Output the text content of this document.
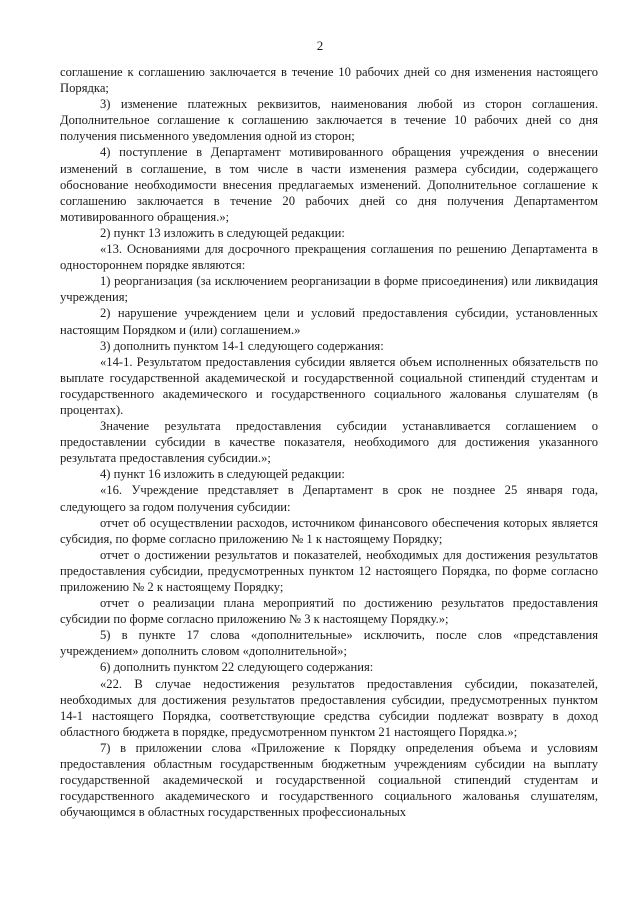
2

соглашение к соглашению заключается в течение 10 рабочих дней со дня изменения настоящего Порядка;

3) изменение платежных реквизитов, наименования любой из сторон соглашения. Дополнительное соглашение к соглашению заключается в течение 10 рабочих дней со дня получения письменного уведомления одной из сторон;

4) поступление в Департамент мотивированного обращения учреждения о внесении изменений в соглашение, в том числе в части изменения размера субсидии, содержащего обоснование необходимости внесения предлагаемых изменений. Дополнительное соглашение к соглашению заключается в течение 20 рабочих дней со дня получения Департаментом мотивированного обращения.»;

2) пункт 13 изложить в следующей редакции:

«13. Основаниями для досрочного прекращения соглашения по решению Департамента в одностороннем порядке являются:

1) реорганизация (за исключением реорганизации в форме присоединения) или ликвидация учреждения;

2) нарушение учреждением цели и условий предоставления субсидии, установленных настоящим Порядком и (или) соглашением.»

3) дополнить пунктом 14-1 следующего содержания:

«14-1. Результатом предоставления субсидии является объем исполненных обязательств по выплате государственной академической и государственной социальной стипендий студентам и государственного академического и государственного социального жалованья слушателям (в процентах).

Значение результата предоставления субсидии устанавливается соглашением о предоставлении субсидии в качестве показателя, необходимого для достижения указанного результата предоставления субсидии.»;

4) пункт 16 изложить в следующей редакции:

«16. Учреждение представляет в Департамент в срок не позднее 25 января года, следующего за годом получения субсидии:

отчет об осуществлении расходов, источником финансового обеспечения которых является субсидия, по форме согласно приложению № 1 к настоящему Порядку;

отчет о достижении результатов и показателей, необходимых для достижения результатов предоставления субсидии, предусмотренных пунктом 12 настоящего Порядка, по форме согласно приложению № 2 к настоящему Порядку;

отчет о реализации плана мероприятий по достижению результатов предоставления субсидии по форме согласно приложению № 3 к настоящему Порядку.»;

5) в пункте 17 слова «дополнительные» исключить, после слов «представления учреждением» дополнить словом «дополнительной»;

6) дополнить пунктом 22 следующего содержания:

«22. В случае недостижения результатов предоставления субсидии, показателей, необходимых для достижения результатов предоставления субсидии, предусмотренных пунктом 14-1 настоящего Порядка, соответствующие средства субсидии подлежат возврату в доход областного бюджета в порядке, предусмотренном пунктом 21 настоящего Порядка.»;

7) в приложении слова «Приложение к Порядку определения объема и условиям предоставления областным государственным бюджетным учреждениям субсидии на выплату государственной академической и государственной социальной стипендий студентам и государственного академического и государственного социального жалованья слушателям, обучающимся в областных государственных профессиональных
